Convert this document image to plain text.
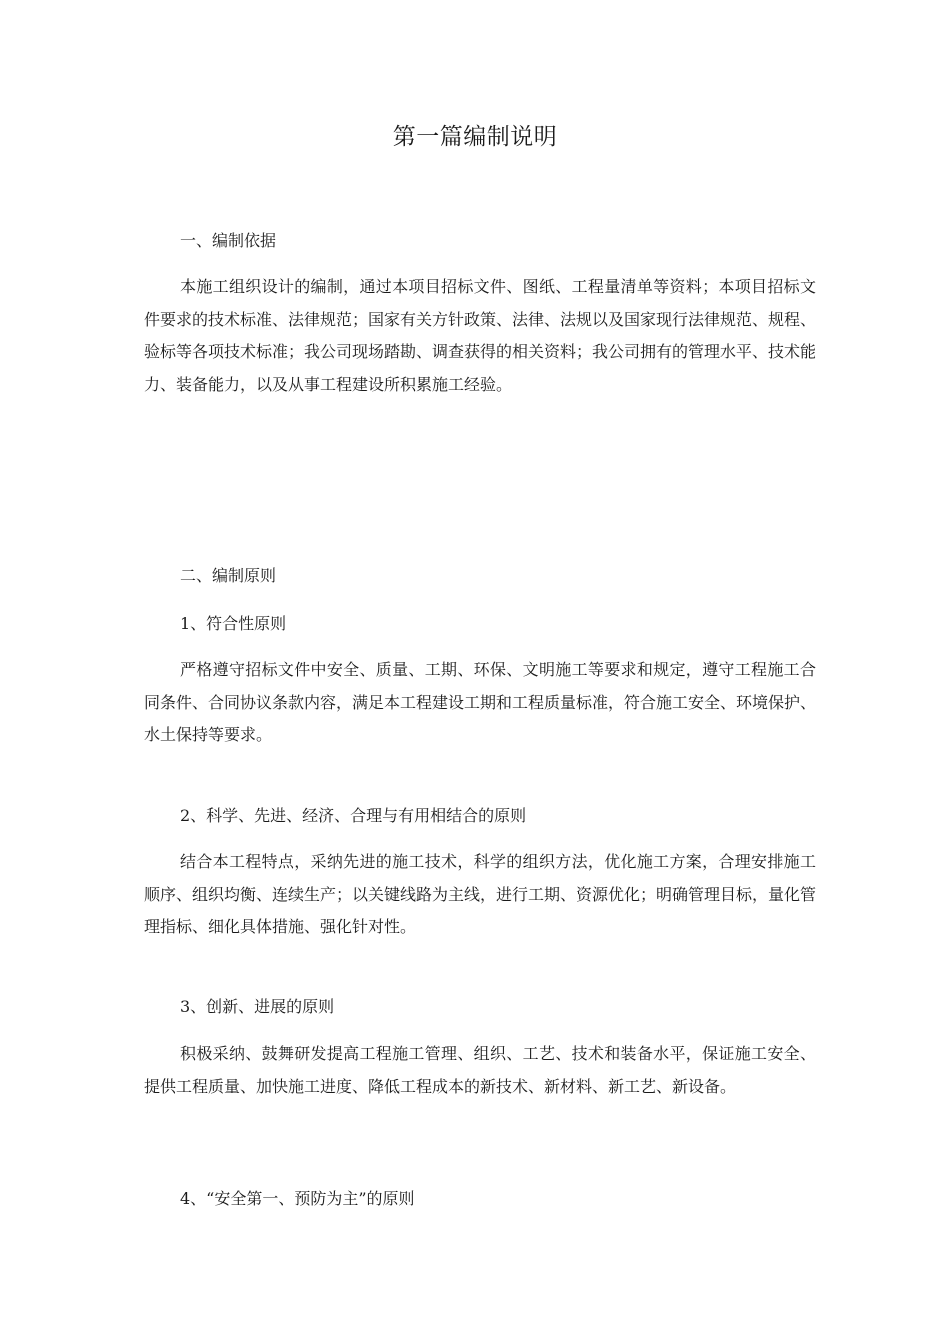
第一篇编制说明
一、编制依据

本施工组织设计的编制，通过本项目招标文件、图纸、工程量清单等资料；本项目招标文件要求的技术标准、法律规范；国家有关方针政策、法律、法规以及国家现行法律规范、规程、验标等各项技术标准；我公司现场踏勘、调查获得的相关资料；我公司拥有的管理水平、技术能力、装备能力，以及从事工程建设所积累施工经验。

二、编制原则
1、符合性原则

严格遵守招标文件中安全、质量、工期、环保、文明施工等要求和规定，遵守工程施工合同条件、合同协议条款内容，满足本工程建设工期和工程质量标准，符合施工安全、环境保护、水土保持等要求。

2、科学、先进、经济、合理与有用相结合的原则

结合本工程特点，采纳先进的施工技术，科学的组织方法，优化施工方案，合理安排施工顺序、组织均衡、连续生产；以关键线路为主线，进行工期、资源优化；明确管理目标，量化管理指标、细化具体措施、强化针对性。

3、创新、进展的原则

积极采纳、鼓舞研发提高工程施工管理、组织、工艺、技术和装备水平，保证施工安全、提供工程质量、加快施工进度、降低工程成本的新技术、新材料、新工艺、新设备。

4、“安全第一、预防为主”的原则
